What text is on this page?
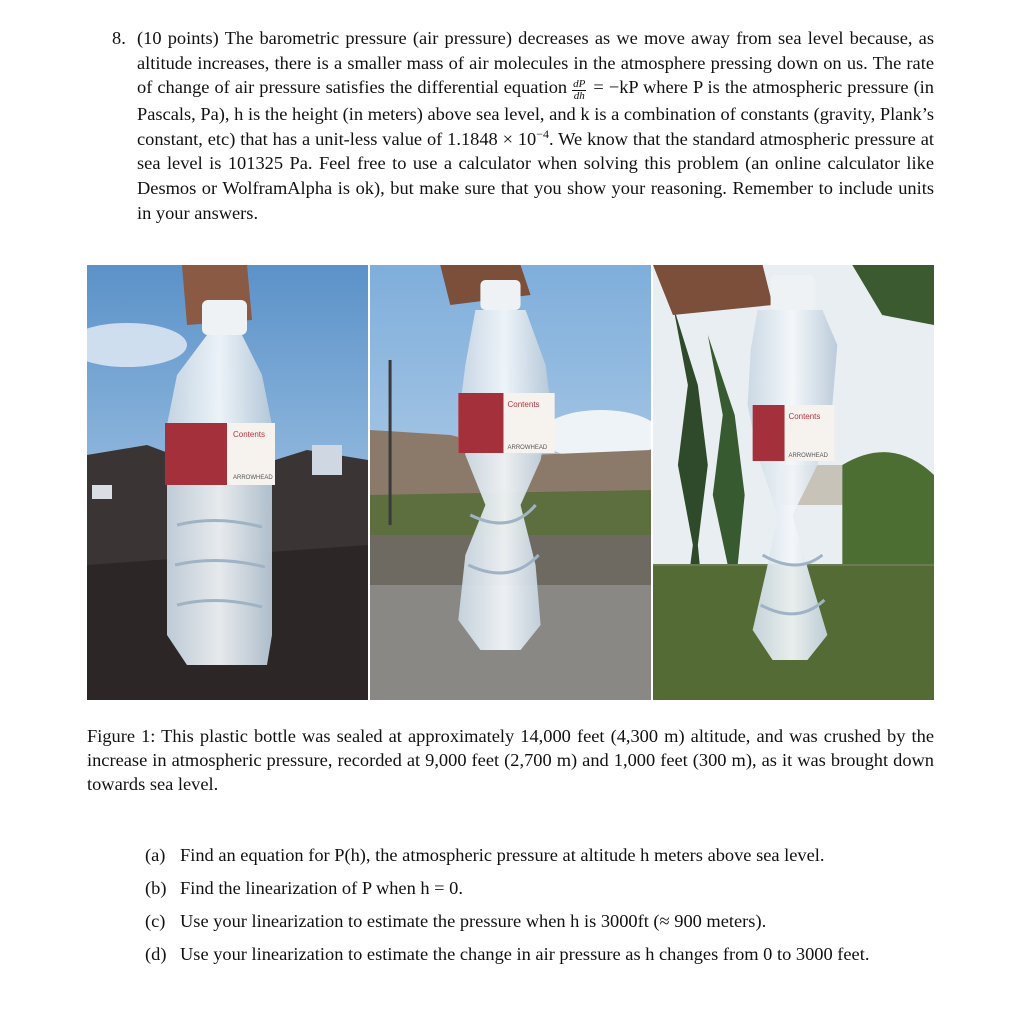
8. (10 points) The barometric pressure (air pressure) decreases as we move away from sea level because, as altitude increases, there is a smaller mass of air molecules in the atmosphere pressing down on us. The rate of change of air pressure satisfies the differential equation $\frac{dP}{dh} = -kP$ where P is the atmospheric pressure (in Pascals, Pa), h is the height (in meters) above sea level, and k is a combination of constants (gravity, Plank’s constant, etc) that has a unit-less value of $1.1848 \times 10^{-4}$. We know that the standard atmospheric pressure at sea level is 101325 Pa. Feel free to use a calculator when solving this problem (an online calculator like Desmos or WolframAlpha is ok), but make sure that you show your reasoning. Remember to include units in your answers.
Contents
ARROWHEAD
Contents
ARROWHEAD
Contents
ARROWHEAD
Figure 1: This plastic bottle was sealed at approximately 14,000 feet (4,300 m) altitude, and was crushed by the increase in atmospheric pressure, recorded at 9,000 feet (2,700 m) and 1,000 feet (300 m), as it was brought down towards sea level.
(a) Find an equation for P(h), the atmospheric pressure at altitude h meters above sea level.
(b) Find the linearization of P when h = 0.
(c) Use your linearization to estimate the pressure when h is 3000ft (≈ 900 meters).
(d) Use your linearization to estimate the change in air pressure as h changes from 0 to 3000 feet.
